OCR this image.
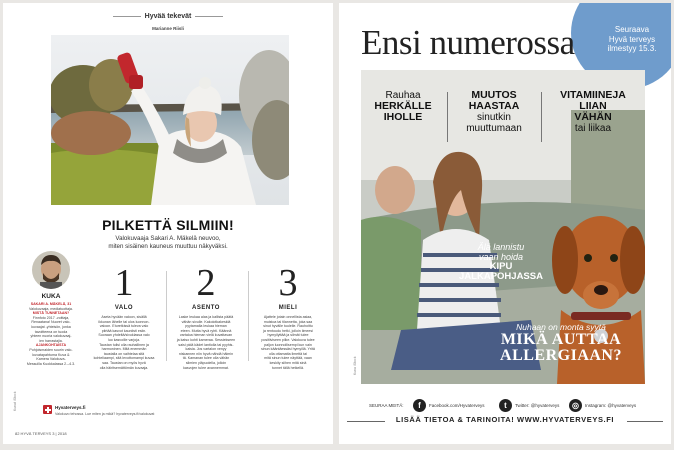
Hyvää tekevät
Marianne Riisli
PILKETTÄ SILMIIN!
Valokuvaaja Sakari A. Mäkelä neuvoo,
miten sisäinen kauneus muuttuu näkyväksi.
KUKA
SAKARI A. MÄKELÄ, 31
Valokuvaaja, mediatuottaja.
MISTÄ TUNNETAAN?
Finnfoto 2017 -voittaja,
Renaatana! Nuoret valo-
kuvaajat -yhteisön, jonka
tavoitteena on tuoda
yhteen nuoria valokuvaaj-
ien harrastajia.
AJANKOHTAISTA
Pohjoismaiden suurin valo-
kuvatapahtuma Kuva &
Kamera Valokuva-
Messuilla Kuokkalassa 2.–4.3.
1
VALO
Aseta hyvään valoon, sisällä
ikkunan lähelle tai ulos luonnon-
valoon. Eturetkissä tuleva valo
piirtää kasvot kauniisti esiin.
Suoraan yhdeltä/sivuklassa valo
luo kasvoille varjoja.
Taustan tulisi olla rauhallinen ja
harmoninen. Mitä enemmän
taustalla on vaihtelaa sitä
kohteliaampi, sitä levottomampi kuvaa
saa. Taustan on myös hyvä
olla häiritsemättömän kuvaaja.
2
ASENTO
Laske leukaa alas ja kallista päätä
vähän sivulle. Kakoiotkakeskiä
pyytamalla leukaa hieman
eteen. Mutta hyvä ryhti. Käännä
vartaloa hieman vielä kuvattavan
ja katso kohti kameraa. Sessiekseen
saisi pidä kädet lantiolla tai pyyhis-
kaisia. Jos vartalon venyy
niskannen niin hyvä nähdä hälmin
tä. Kamanan tulee olla vähän
silmien yläpuolella, jolloin
kasvojen tulee avannemmat.
3
MIELI
Ajattele jotain onnellista asiaa,
muistoa tai tilannetta, joka saa
sinut hyvälle tuulelle. Rauhoittu
ja rentoudu hetki, jolloin ilmeesi
hymyilyttää ja silmät tulee
positiiviseen pilke. Valokuva tulee
paljon luonnollisempi kun vain
sinun kääntäessäsi hymyillä. Yritä
olla ottamatta ilmettä tai
mitä sinun tulee näyttää, vaan
keskity siihen mitä sinä
tunnet tällä hetkellä.
Hyvaterveys.fi
Valokuvo tehossa. Lue miten ja mikä? hyvaterveys.fi/valokuvat
82 HYVÄ TERVEYS 3 | 2018
Kuvat iStock
Seuraava
Hyvä terveys
ilmestyy 15.3.
Ensi numerossa
Rauhaa
HERKÄLLE
IHOLLE
MUUTOS
HAASTAA
sinutkin
muuttumaan
VITAMIINEJA
LIIAN
VÄHÄN
tai liikaa
Älä lannistu
vaan hoida
KIPU
JALKAPOHJASSA
Nuhaan on monta syytä
MIKÄ AUTTAA
ALLERGIAAN?
Kuva iStock
SEURAA MEITÄ:	f	Facebook.com/Hyvaterveys	t	Twitter: @hyvaterveys	◎	Instagram: @hyvaterveys
LISÄÄ TIETOA & TARINOITA! WWW.HYVATERVEYS.FI
